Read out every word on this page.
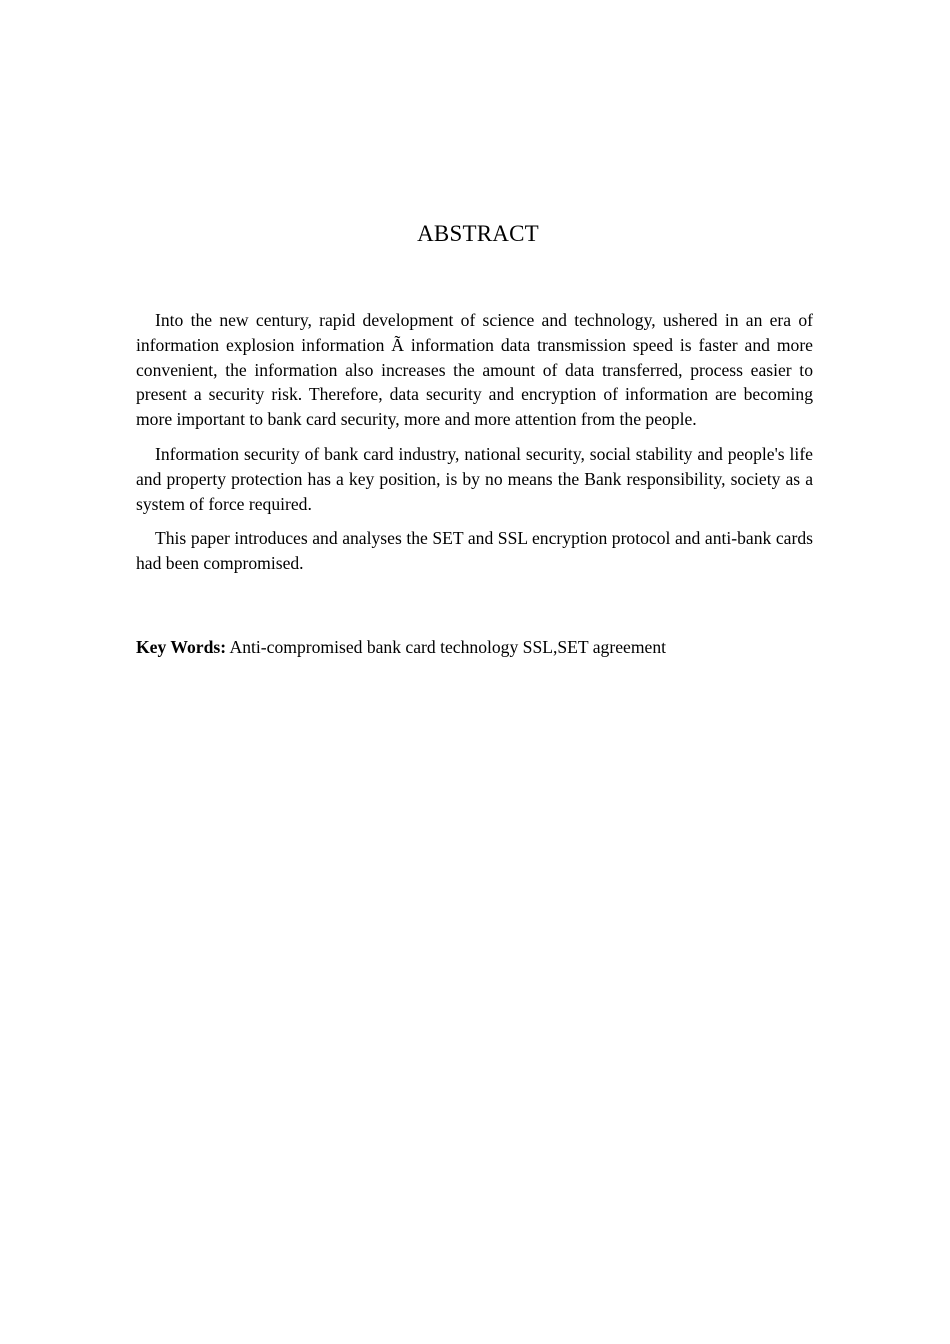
ABSTRACT

Into the new century, rapid development of science and technology, ushered in an era of information explosion information Ã information data transmission speed is faster and more convenient, the information also increases the amount of data transferred, process easier to present a security risk. Therefore, data security and encryption of information are becoming more important to bank card security, more and more attention from the people.

Information security of bank card industry, national security, social stability and people's life and property protection has a key position, is by no means the Bank responsibility, society as a system of force required.

This paper introduces and analyses the SET and SSL encryption protocol and anti-bank cards had been compromised.

Key Words: Anti-compromised bank card technology SSL,SET agreement
